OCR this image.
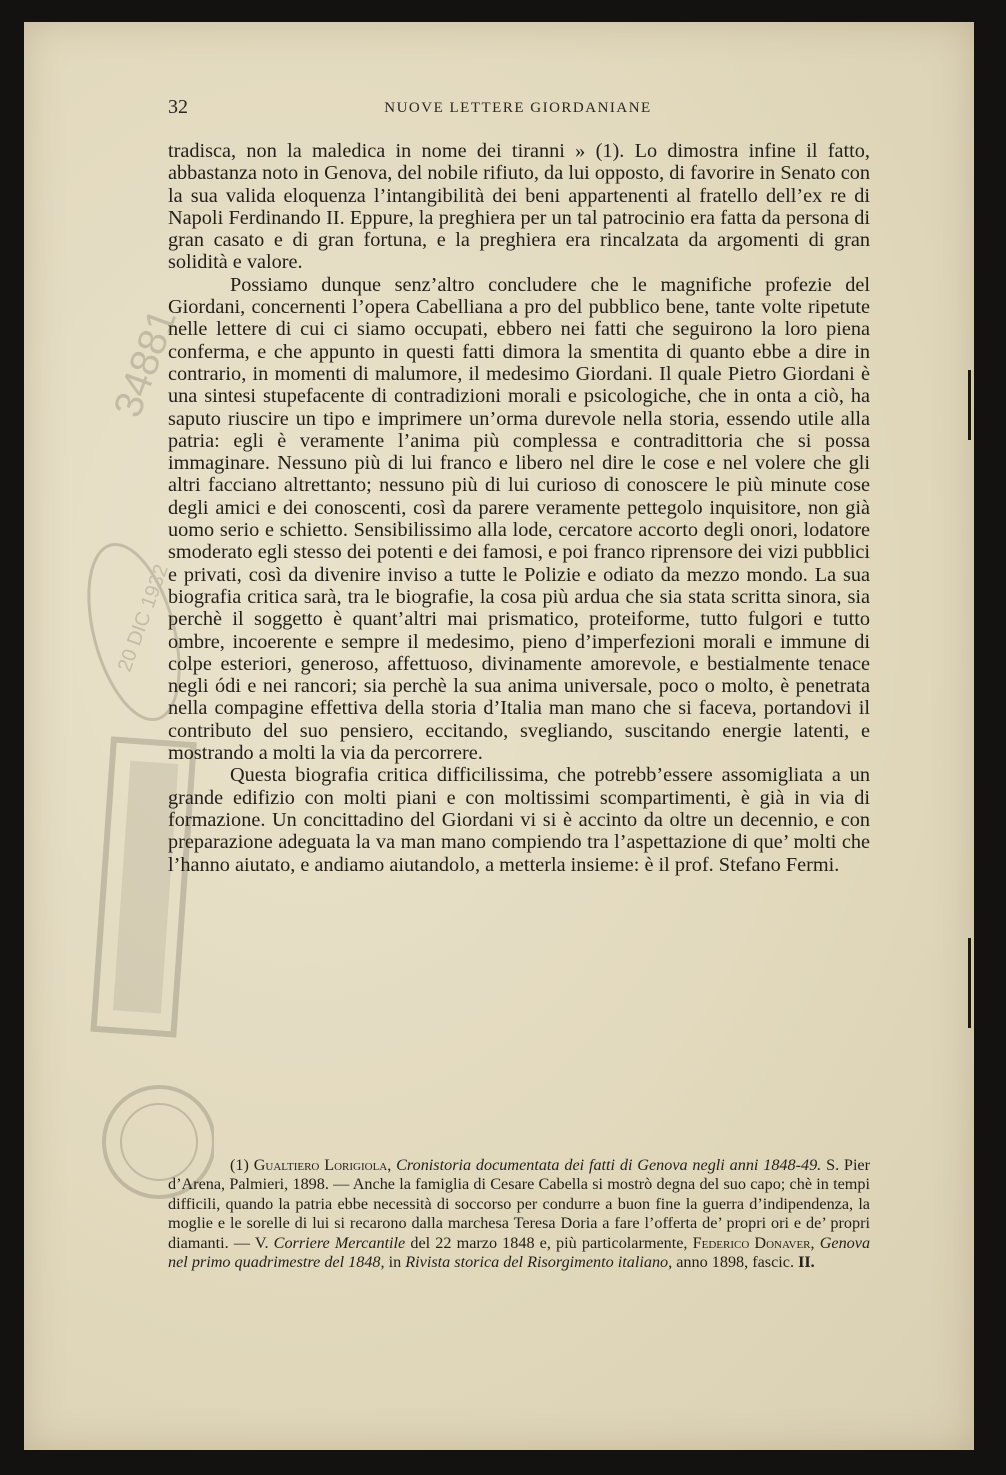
34881
20 DIC 1932
32	NUOVE LETTERE GIORDANIANE

tradisca, non la maledica in nome dei tiranni » (1). Lo dimostra infine il fatto, abbastanza noto in Genova, del nobile rifiuto, da lui opposto, di favorire in Senato con la sua valida eloquenza l’intangibilità dei beni appartenenti al fratello dell’ex re di Napoli Ferdinando II. Eppure, la preghiera per un tal patrocinio era fatta da persona di gran casato e di gran fortuna, e la preghiera era rincalzata da argomenti di gran solidità e valore.

Possiamo dunque senz’altro concludere che le magnifiche profezie del Giordani, concernenti l’opera Cabelliana a pro del pubblico bene, tante volte ripetute nelle lettere di cui ci siamo occupati, ebbero nei fatti che seguirono la loro piena conferma, e che appunto in questi fatti dimora la smentita di quanto ebbe a dire in contrario, in momenti di malumore, il medesimo Giordani. Il quale Pietro Giordani è una sintesi stupefacente di contradizioni morali e psicologiche, che in onta a ciò, ha saputo riuscire un tipo e imprimere un’orma durevole nella storia, essendo utile alla patria: egli è veramente l’anima più complessa e contradittoria che si possa immaginare. Nessuno più di lui franco e libero nel dire le cose e nel volere che gli altri facciano altrettanto; nessuno più di lui curioso di conoscere le più minute cose degli amici e dei conoscenti, così da parere veramente pettegolo inquisitore, non già uomo serio e schietto. Sensibilissimo alla lode, cercatore accorto degli onori, lodatore smoderato egli stesso dei potenti e dei famosi, e poi franco riprensore dei vizi pubblici e privati, così da divenire inviso a tutte le Polizie e odiato da mezzo mondo. La sua biografia critica sarà, tra le biografie, la cosa più ardua che sia stata scritta sinora, sia perchè il soggetto è quant’altri mai prismatico, proteiforme, tutto fulgori e tutto ombre, incoerente e sempre il medesimo, pieno d’imperfezioni morali e immune di colpe esteriori, generoso, affettuoso, divinamente amorevole, e bestialmente tenace negli ódi e nei rancori; sia perchè la sua anima universale, poco o molto, è penetrata nella compagine effettiva della storia d’Italia man mano che si faceva, portandovi il contributo del suo pensiero, eccitando, svegliando, suscitando energie latenti, e mostrando a molti la via da percorrere.

Questa biografia critica difficilissima, che potrebb’essere assomigliata a un grande edifizio con molti piani e con moltissimi scompartimenti, è già in via di formazione. Un concittadino del Giordani vi si è accinto da oltre un decennio, e con preparazione adeguata la va man mano compiendo tra l’aspettazione di que’ molti che l’hanno aiutato, e andiamo aiutandolo, a metterla insieme: è il prof. Stefano Fermi.

(1) Gualtiero Lorigiola, Cronistoria documentata dei fatti di Genova negli anni 1848-49. S. Pier d’Arena, Palmieri, 1898. — Anche la famiglia di Cesare Cabella si mostrò degna del suo capo; chè in tempi difficili, quando la patria ebbe necessità di soccorso per condurre a buon fine la guerra d’indipendenza, la moglie e le sorelle di lui si recarono dalla marchesa Teresa Doria a fare l’offerta de’ propri ori e de’ propri diamanti. — V. Corriere Mercantile del 22 marzo 1848 e, più particolarmente, Federico Donaver, Genova nel primo quadrimestre del 1848, in Rivista storica del Risorgimento italiano, anno 1898, fascic. II.
